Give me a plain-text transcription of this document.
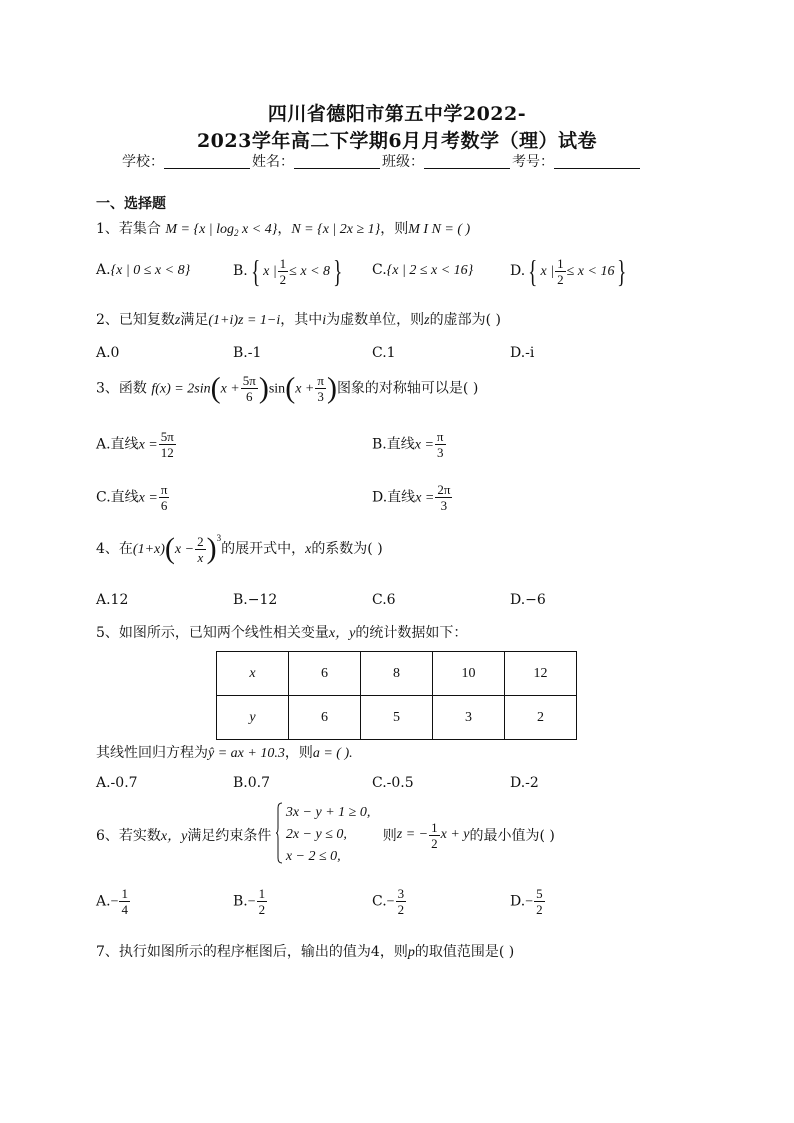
四川省德阳市第五中学2022-
2023学年高二下学期6月月考数学（理）试卷
学校：	姓名：	班级：	考号：
一、选择题
1、若集合 M = {x | $\log_2 x < 4$}，N = {x | 2x ≥ 1}，则M I N = ( )
A.{x | 0 ≤ x < 8}	B.{ x | $\frac{1}{2} \le x < 8$} C.{x | 2 ≤ x < 16}	D.{ x | $\frac{1}{2} \le x < 16$}
2、已知复数z满足(1+i)z = 1−i，其中i为虚数单位，则z的虚部为( )
A.0	B.-1	C.1	D.-i
3、函数 $f(x) = 2\sin(x + \frac{5\pi}{6} )\sin(x + \frac{\pi}{3}$ )图象的对称轴可以是( )
A.直线$x = \frac{5\pi}{12}$	B.直线$x = \frac{\pi}{3}$
C.直线$x = \frac{\pi}{6}$	D.直线$x = \frac{2\pi}{3}$
4、在$(1+x)(x - \frac{2}{x} )^3$的展开式中，x的系数为( )
A.12	B.−12	C.6	D.−6
5、如图所示，已知两个线性相关变量x，y的统计数据如下：
x	6	8	10	12
y	6	5	3	2
其线性回归方程为ŷ = ax + 10.3，则a = ( ).
A.-0.7	B.0.7	C.-0.5	D.-2
6、若实数x，y满足约束条件
3x − y + 1 ≥ 0,
2x − y ≤ 0,
x − 2 ≤ 0,
则z = − $\frac{1}{2}$ x + y的最小值为( )
$A.- \frac{1}{4}$	$B.- \frac{1}{2}$	$C.- \frac{3}{2}$	$D.- \frac{5}{2}$
7、执行如图所示的程序框图后，输出的值为4，则p的取值范围是( )
